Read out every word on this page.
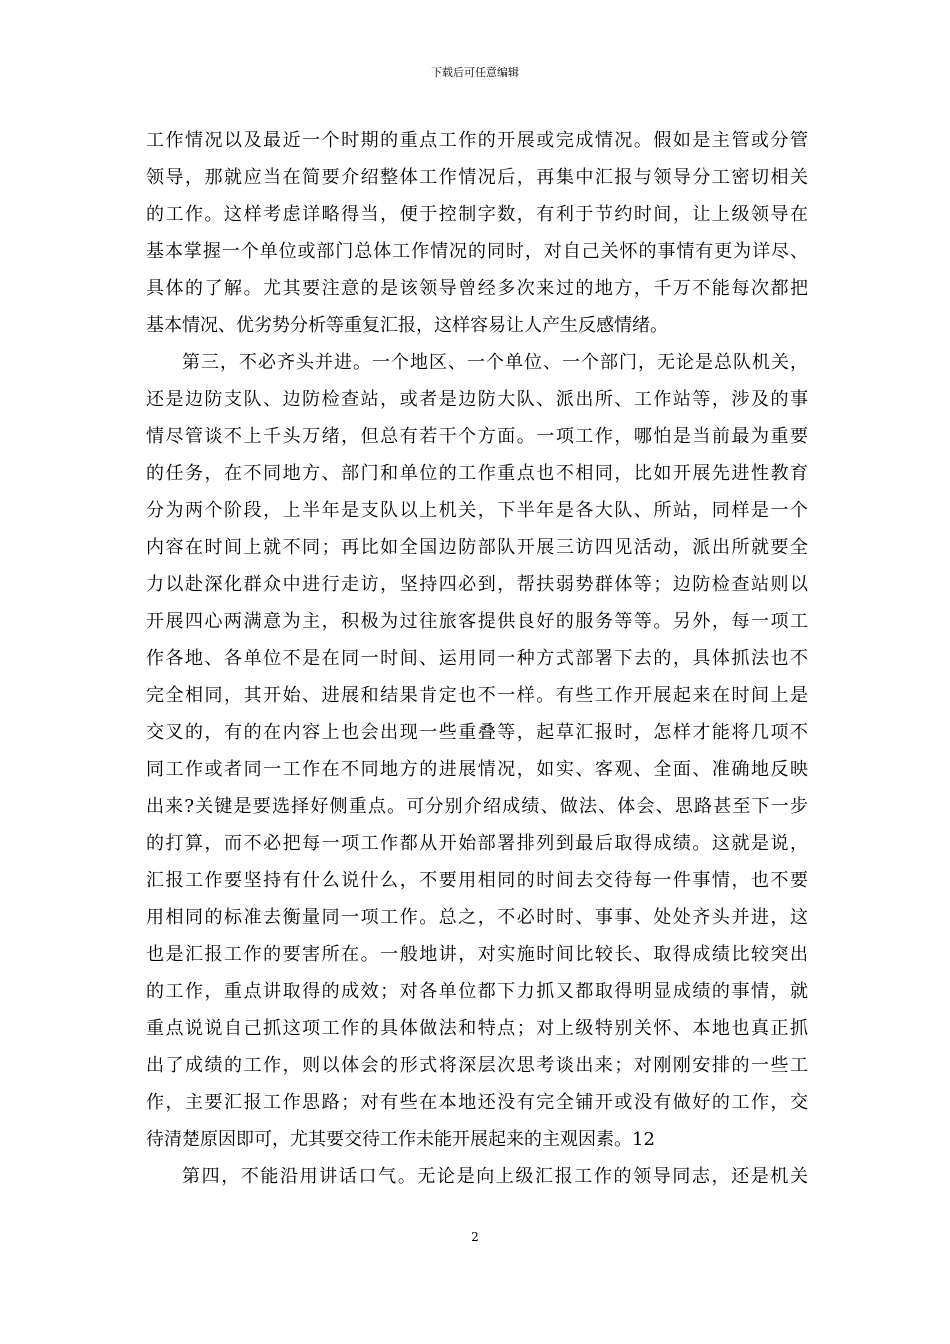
下载后可任意编辑
工作情况以及最近一个时期的重点工作的开展或完成情况。假如是主管或分管
领导，那就应当在简要介绍整体工作情况后，再集中汇报与领导分工密切相关
的工作。这样考虑详略得当，便于控制字数，有利于节约时间，让上级领导在
基本掌握一个单位或部门总体工作情况的同时，对自己关怀的事情有更为详尽、
具体的了解。尤其要注意的是该领导曾经多次来过的地方，千万不能每次都把
基本情况、优劣势分析等重复汇报，这样容易让人产生反感情绪。
第三，不必齐头并进。一个地区、一个单位、一个部门，无论是总队机关，
还是边防支队、边防检查站，或者是边防大队、派出所、工作站等，涉及的事
情尽管谈不上千头万绪，但总有若干个方面。一项工作，哪怕是当前最为重要
的任务，在不同地方、部门和单位的工作重点也不相同，比如开展先进性教育
分为两个阶段，上半年是支队以上机关，下半年是各大队、所站，同样是一个
内容在时间上就不同；再比如全国边防部队开展三访四见活动，派出所就要全
力以赴深化群众中进行走访，坚持四必到，帮扶弱势群体等；边防检查站则以
开展四心两满意为主，积极为过往旅客提供良好的服务等等。另外，每一项工
作各地、各单位不是在同一时间、运用同一种方式部署下去的，具体抓法也不
完全相同，其开始、进展和结果肯定也不一样。有些工作开展起来在时间上是
交叉的，有的在内容上也会出现一些重叠等，起草汇报时，怎样才能将几项不
同工作或者同一工作在不同地方的进展情况，如实、客观、全面、准确地反映
出来?关键是要选择好侧重点。可分别介绍成绩、做法、体会、思路甚至下一步
的打算，而不必把每一项工作都从开始部署排列到最后取得成绩。这就是说，
汇报工作要坚持有什么说什么，不要用相同的时间去交待每一件事情，也不要
用相同的标准去衡量同一项工作。总之，不必时时、事事、处处齐头并进，这
也是汇报工作的要害所在。一般地讲，对实施时间比较长、取得成绩比较突出
的工作，重点讲取得的成效；对各单位都下力抓又都取得明显成绩的事情，就
重点说说自己抓这项工作的具体做法和特点；对上级特别关怀、本地也真正抓
出了成绩的工作，则以体会的形式将深层次思考谈出来；对刚刚安排的一些工
作，主要汇报工作思路；对有些在本地还没有完全铺开或没有做好的工作，交
待清楚原因即可，尤其要交待工作未能开展起来的主观因素。12
第四，不能沿用讲话口气。无论是向上级汇报工作的领导同志，还是机关
2
